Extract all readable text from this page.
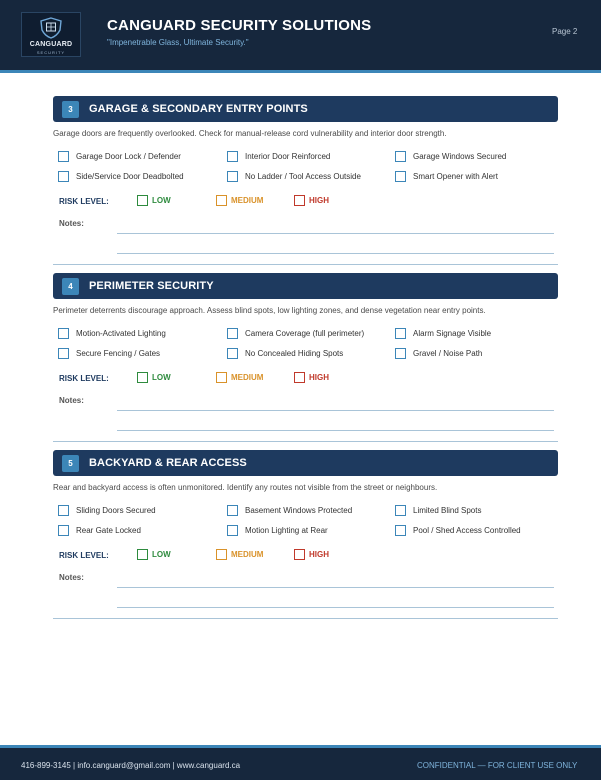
CANGUARD
SECURITY
CANGUARD SECURITY SOLUTIONS
"Impenetrable Glass, Ultimate Security."
Page 2
3	GARAGE & SECONDARY ENTRY POINTS
Garage doors are frequently overlooked. Check for manual-release cord vulnerability and interior door strength.
Garage Door Lock / Defender	Interior Door Reinforced	Garage Windows Secured
Side/Service Door Deadbolted	No Ladder / Tool Access Outside	Smart Opener with Alert
RISK LEVEL:	LOW	MEDIUM	HIGH
Notes:
4	PERIMETER SECURITY
Perimeter deterrents discourage approach. Assess blind spots, low lighting zones, and dense vegetation near entry points.
Motion-Activated Lighting	Camera Coverage (full perimeter)	Alarm Signage Visible
Secure Fencing / Gates	No Concealed Hiding Spots	Gravel / Noise Path
RISK LEVEL:	LOW	MEDIUM	HIGH
Notes:
5	BACKYARD & REAR ACCESS
Rear and backyard access is often unmonitored. Identify any routes not visible from the street or neighbours.
Sliding Doors Secured	Basement Windows Protected	Limited Blind Spots
Rear Gate Locked	Motion Lighting at Rear	Pool / Shed Access Controlled
RISK LEVEL:	LOW	MEDIUM	HIGH
Notes:
416-899-3145 | info.canguard@gmail.com | www.canguard.ca	CONFIDENTIAL — FOR CLIENT USE ONLY
